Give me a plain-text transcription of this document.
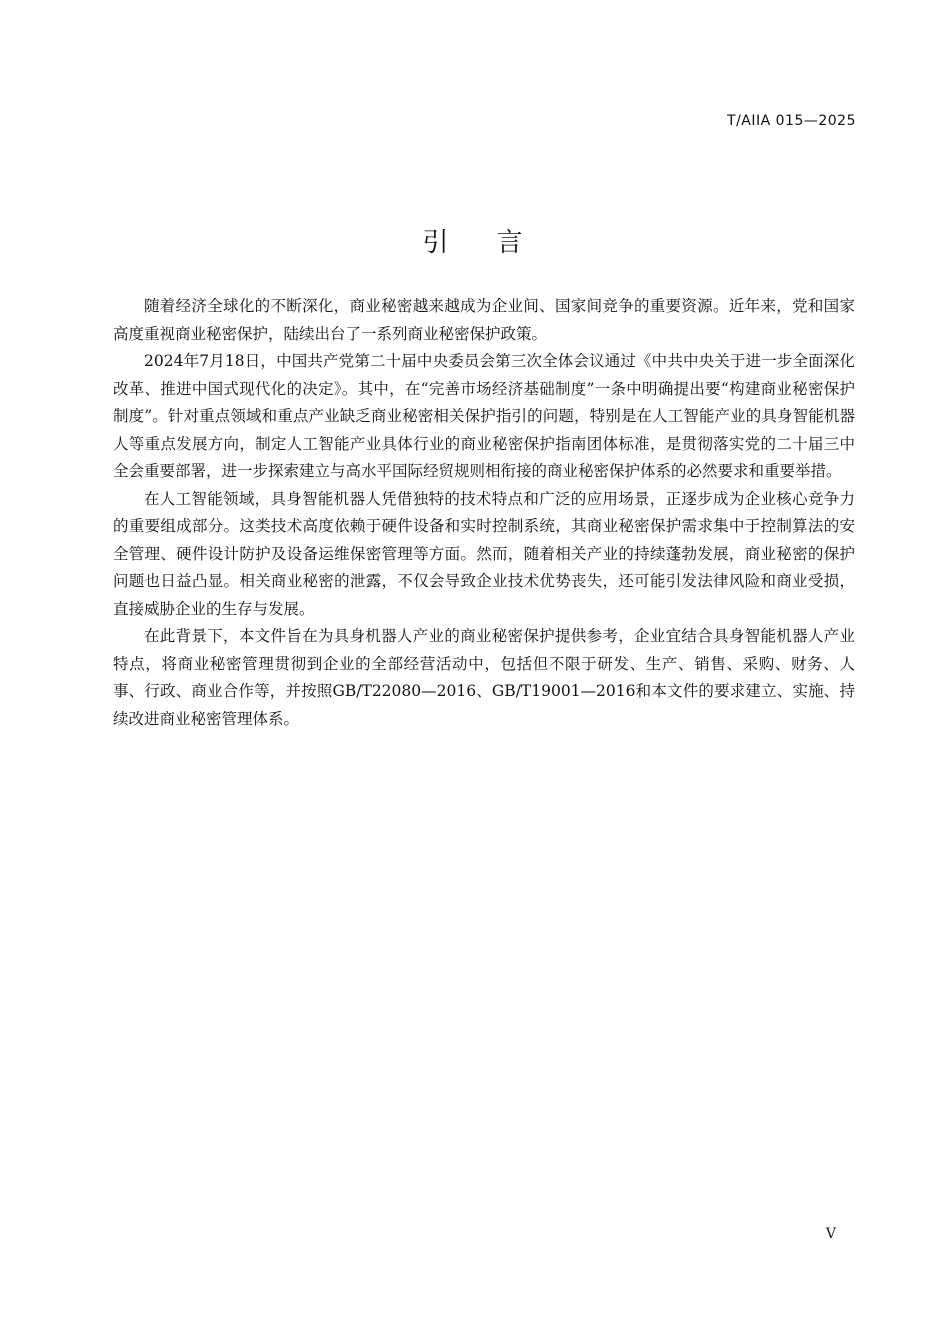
T/AIIA 015—2025
引言

随着经济全球化的不断深化，商业秘密越来越成为企业间、国家间竞争的重要资源。近年来，党和国家高度重视商业秘密保护，陆续出台了一系列商业秘密保护政策。

2024年7月18日，中国共产党第二十届中央委员会第三次全体会议通过《中共中央关于进一步全面深化改革、推进中国式现代化的决定》。其中，在“完善市场经济基础制度”一条中明确提出要“构建商业秘密保护制度”。针对重点领域和重点产业缺乏商业秘密相关保护指引的问题，特别是在人工智能产业的具身智能机器人等重点发展方向，制定人工智能产业具体行业的商业秘密保护指南团体标准，是贯彻落实党的二十届三中全会重要部署，进一步探索建立与高水平国际经贸规则相衔接的商业秘密保护体系的必然要求和重要举措。

在人工智能领域，具身智能机器人凭借独特的技术特点和广泛的应用场景，正逐步成为企业核心竞争力的重要组成部分。这类技术高度依赖于硬件设备和实时控制系统，其商业秘密保护需求集中于控制算法的安全管理、硬件设计防护及设备运维保密管理等方面。然而，随着相关产业的持续蓬勃发展，商业秘密的保护问题也日益凸显。相关商业秘密的泄露，不仅会导致企业技术优势丧失，还可能引发法律风险和商业受损，直接威胁企业的生存与发展。

在此背景下，本文件旨在为具身机器人产业的商业秘密保护提供参考，企业宜结合具身智能机器人产业特点，将商业秘密管理贯彻到企业的全部经营活动中，包括但不限于研发、生产、销售、采购、财务、人事、行政、商业合作等，并按照GB/T22080—2016、GB/T19001—2016和本文件的要求建立、实施、持续改进商业秘密管理体系。

V
